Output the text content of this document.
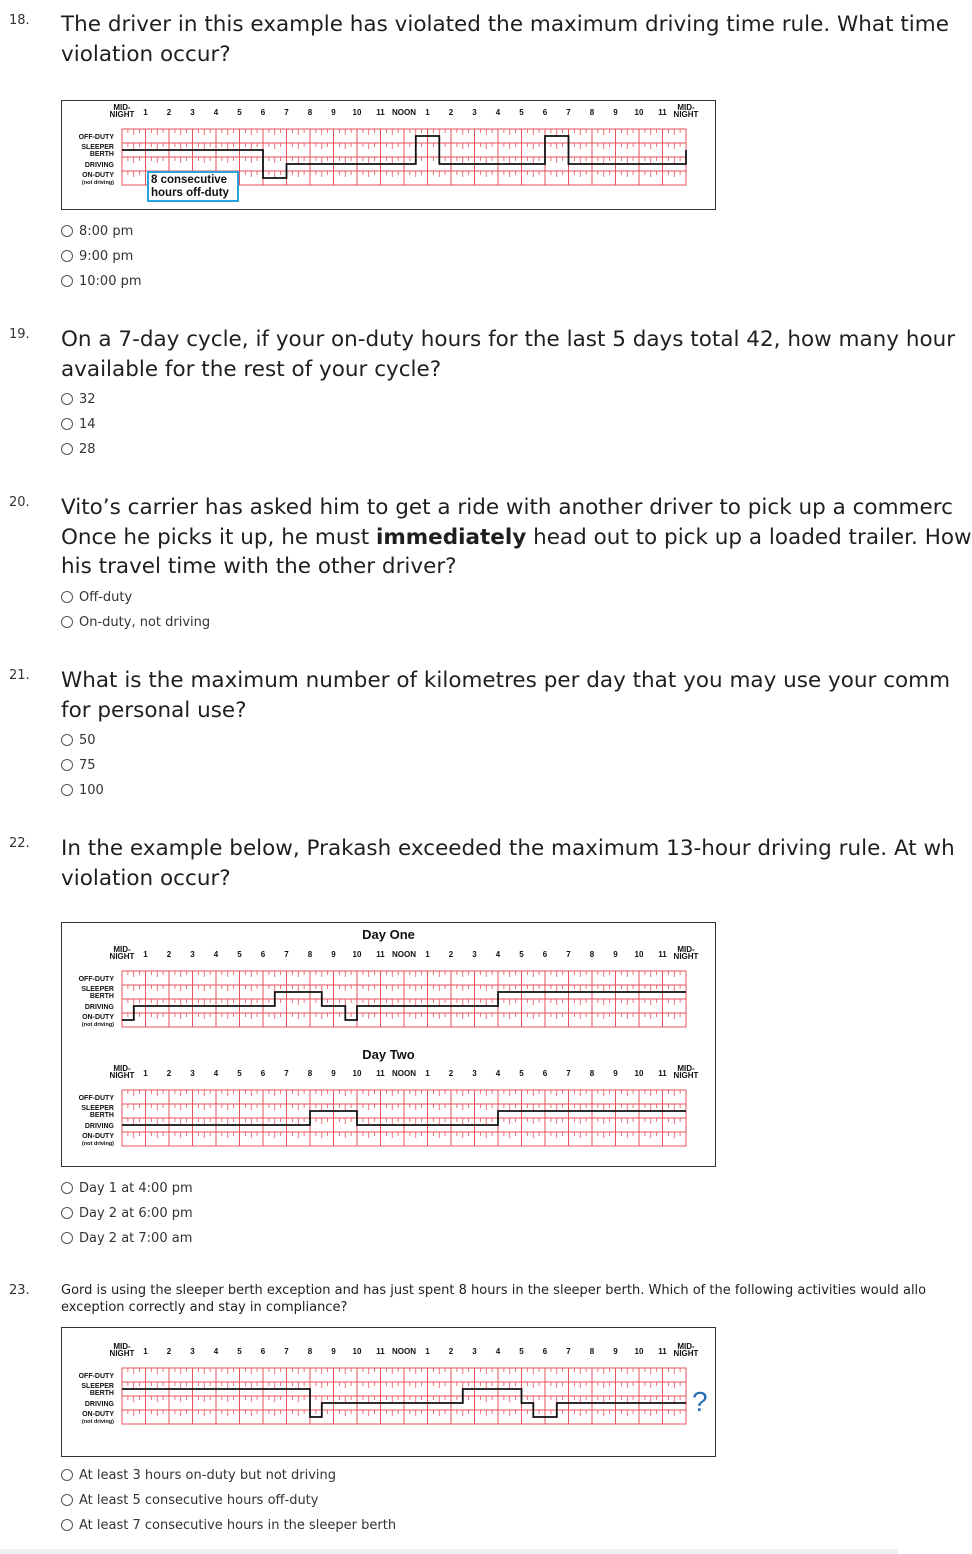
18. The driver in this example has violated the maximum driving time rule. What time
violation occur?
MID-NIGHT 1 2 3 4 5 6 7 8 9 10 11 NOON 1 2 3 4 5 6 7 8 9 10 11
MID-NIGHT
OFF-DUTY
SLEEPER BERTH
DRIVING
ON-DUTY (not driving)	8 consecutive hours off-duty
8:00 pm
9:00 pm
10:00 pm
19. On a 7-day cycle, if your on-duty hours for the last 5 days total 42, how many hour
available for the rest of your cycle?
32
14
28
20. Vito’s carrier has asked him to get a ride with another driver to pick up a commerc
Once he picks it up, he must immediately head out to pick up a loaded trailer. How
his travel time with the other driver?
Off-duty
On-duty, not driving
21. What is the maximum number of kilometres per day that you may use your comm
for personal use?
50
75
100
22. In the example below, Prakash exceeded the maximum 13-hour driving rule. At wh
violation occur?
Day One
MID-NIGHT 1 2 3 4 5 6 7 8 9 10 11 NOON 1 2 3 4 5 6 7 8 9 10 11
MID-NIGHT
OFF-DUTY
SLEEPER BERTH
DRIVING
ON-DUTY (not driving)
Day Two
MID-NIGHT 1 2 3 4 5 6 7 8 9 10 11 NOON 1 2 3 4 5 6 7 8 9 10 11
MID-NIGHT
OFF-DUTY
SLEEPER BERTH
DRIVING
ON-DUTY (not driving)
Day 1 at 4:00 pm
Day 2 at 6:00 pm
Day 2 at 7:00 am
23. Gord is using the sleeper berth exception and has just spent 8 hours in the sleeper berth. Which of the following activities would allo
exception correctly and stay in compliance?
MID-NIGHT 1 2 3 4 5 6 7 8 9 10 11 NOON 1 2 3 4 5 6 7 8 9 10 11
MID-NIGHT
OFF-DUTY
SLEEPER BERTH
DRIVING
ON-DUTY (not driving)
?
At least 3 hours on-duty but not driving
At least 5 consecutive hours off-duty
At least 7 consecutive hours in the sleeper berth
